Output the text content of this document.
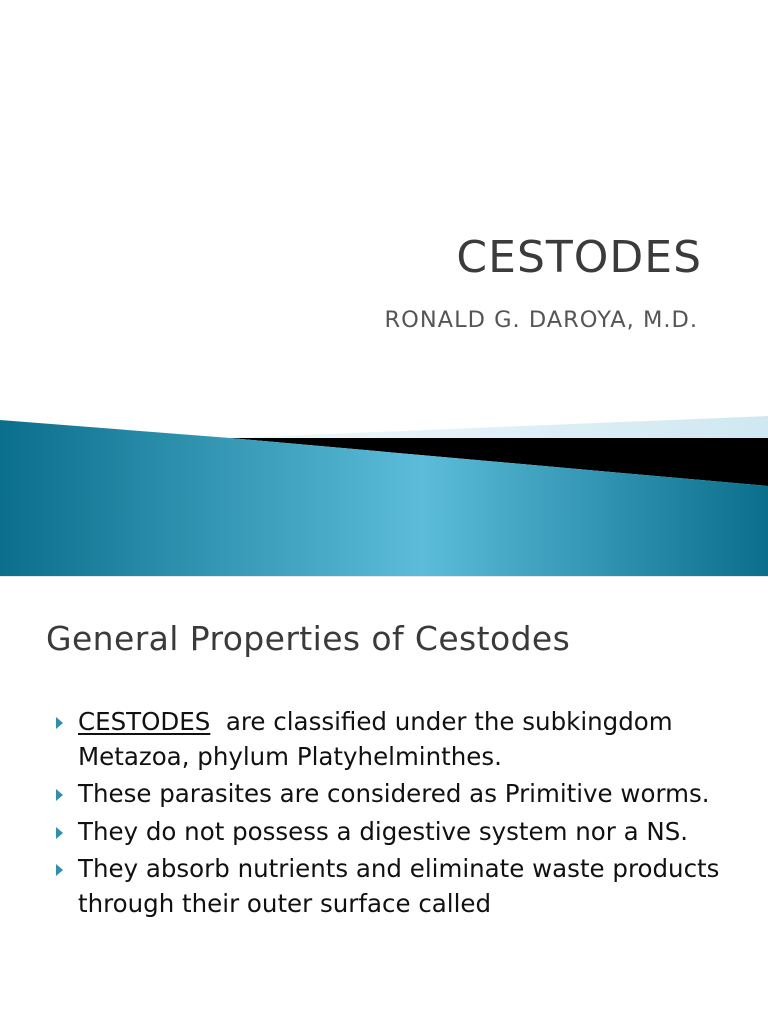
CESTODES
RONALD G. DAROYA, M.D.
General Properties of Cestodes
CESTODES  are classified under the subkingdom Metazoa, phylum Platyhelminthes.
These parasites are considered as Primitive worms.
They do not possess a digestive system nor a NS.
They absorb nutrients and eliminate waste products through their outer surface called
